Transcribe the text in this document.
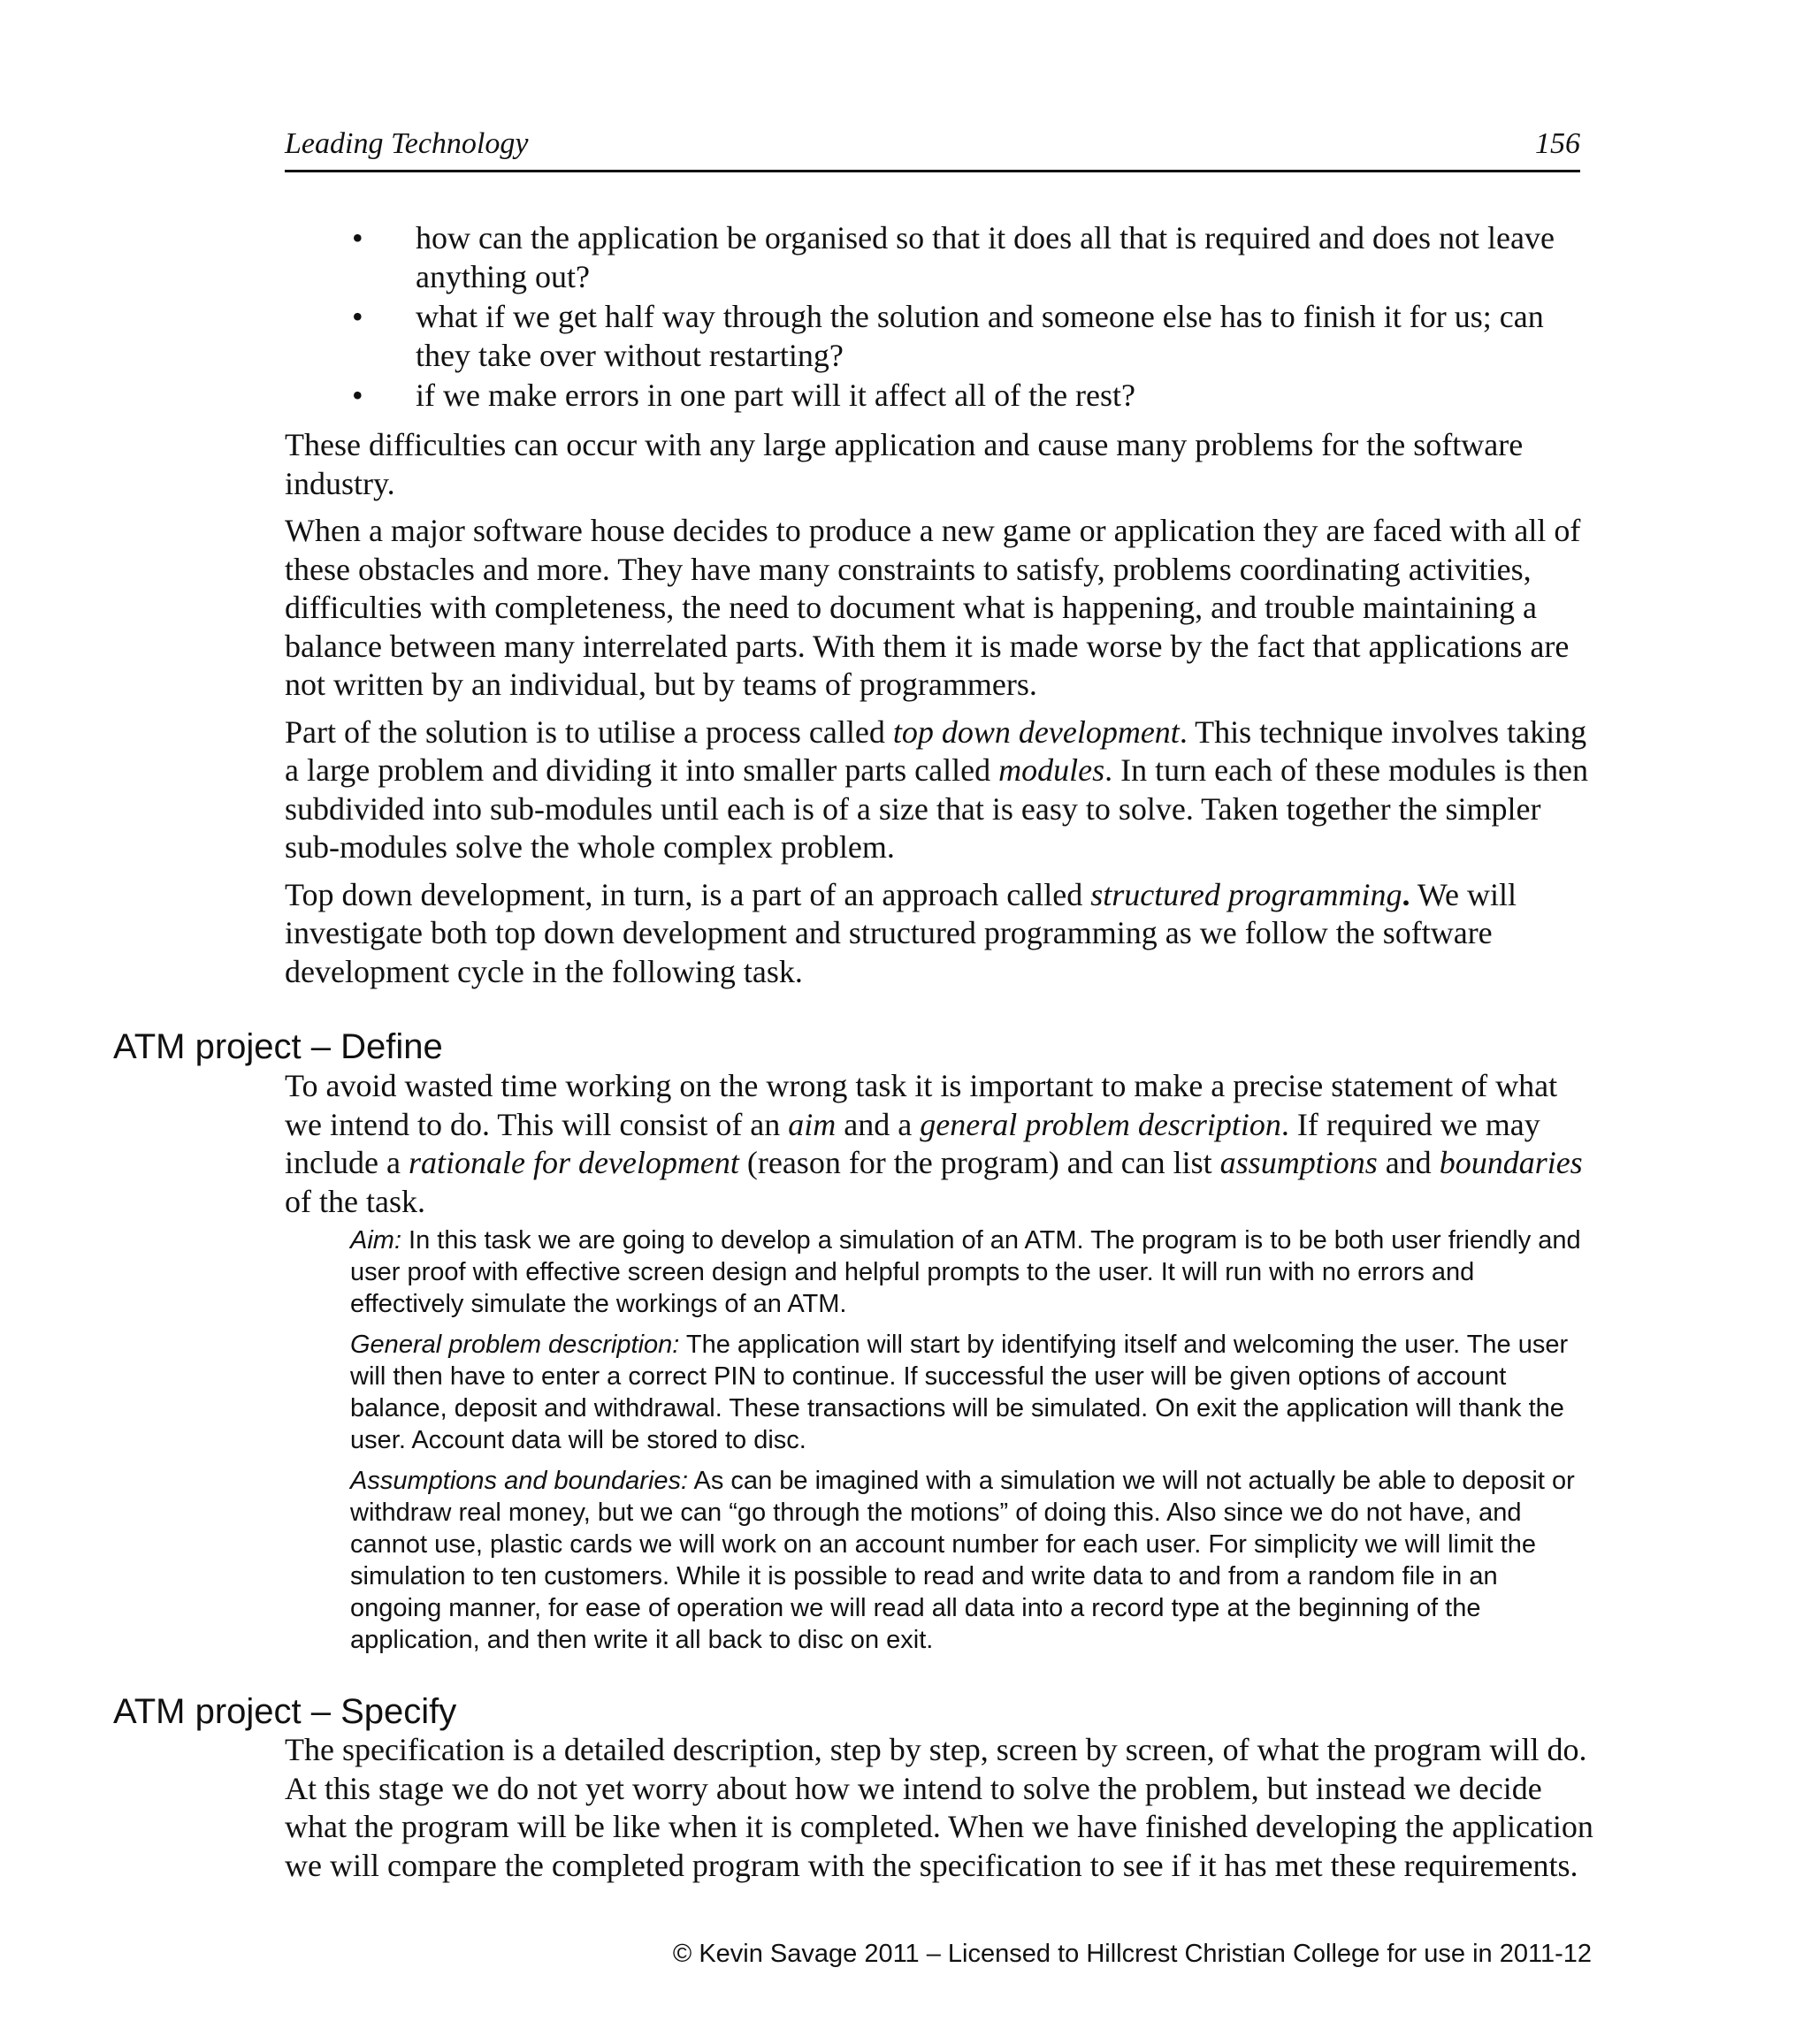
Leading Technology	156
• how can the application be organised so that it does all that is required and does not leave anything out?
• what if we get half way through the solution and someone else has to finish it for us; can they take over without restarting?
• if we make errors in one part will it affect all of the rest?

These difficulties can occur with any large application and cause many problems for the software industry.

When a major software house decides to produce a new game or application they are faced with all of these obstacles and more. They have many constraints to satisfy, problems coordinating activities, difficulties with completeness, the need to document what is happening, and trouble maintaining a balance between many interrelated parts. With them it is made worse by the fact that applications are not written by an individual, but by teams of programmers.

Part of the solution is to utilise a process called top down development. This technique involves taking a large problem and dividing it into smaller parts called modules. In turn each of these modules is then subdivided into sub-modules until each is of a size that is easy to solve. Taken together the simpler sub-modules solve the whole complex problem.

Top down development, in turn, is a part of an approach called structured programming. We will investigate both top down development and structured programming as we follow the software development cycle in the following task.

ATM project – Define

To avoid wasted time working on the wrong task it is important to make a precise statement of what we intend to do. This will consist of an aim and a general problem description. If required we may include a rationale for development (reason for the program) and can list assumptions and boundaries of the task.

Aim: In this task we are going to develop a simulation of an ATM. The program is to be both user friendly and user proof with effective screen design and helpful prompts to the user. It will run with no errors and effectively simulate the workings of an ATM.

General problem description: The application will start by identifying itself and welcoming the user. The user will then have to enter a correct PIN to continue. If successful the user will be given options of account balance, deposit and withdrawal. These transactions will be simulated. On exit the application will thank the user. Account data will be stored to disc.

Assumptions and boundaries: As can be imagined with a simulation we will not actually be able to deposit or withdraw real money, but we can “go through the motions” of doing this. Also since we do not have, and cannot use, plastic cards we will work on an account number for each user. For simplicity we will limit the simulation to ten customers. While it is possible to read and write data to and from a random file in an ongoing manner, for ease of operation we will read all data into a record type at the beginning of the application, and then write it all back to disc on exit.

ATM project – Specify

The specification is a detailed description, step by step, screen by screen, of what the program will do. At this stage we do not yet worry about how we intend to solve the problem, but instead we decide what the program will be like when it is completed. When we have finished developing the application we will compare the completed program with the specification to see if it has met these requirements.

© Kevin Savage 2011 – Licensed to Hillcrest Christian College for use in 2011-12
